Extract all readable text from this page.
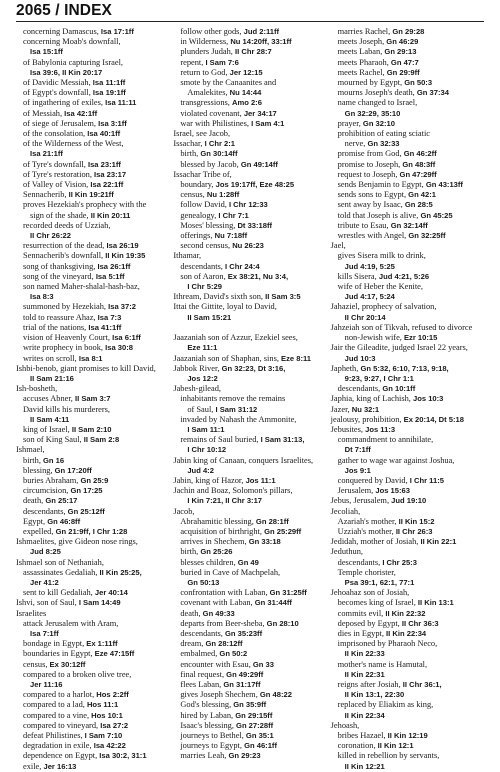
2065 / INDEX
concerning Damascus, Isa 17:1ff
concerning Moab's downfall,
Isa 15:1ff
of Babylonia capturing Israel,
Isa 39:6, II Kin 20:17
of Davidic Messiah, Isa 11:1ff
of Egypt's downfall, Isa 19:1ff
of ingathering of exiles, Isa 11:11
of Messiah, Isa 42:1ff
of siege of Jerusalem, Isa 3:1ff
of the consolation, Isa 40:1ff
of the Wilderness of the West,
Isa 21:1ff
of Tyre's downfall, Isa 23:1ff
of Tyre's restoration, Isa 23:17
of Valley of Vision, Isa 22:1ff
Sennacherib, II Kin 19:21ff
proves Hezekiah's prophecy with the
sign of the shade, II Kin 20:11
recorded deeds of Uzziah,
II Chr 26:22
resurrection of the dead, Isa 26:19
Sennacherib's downfall, II Kin 19:35
song of thanksgiving, Isa 26:1ff
song of the vineyard, Isa 5:1ff
son named Maher-shalal-hash-baz,
Isa 8:3
summoned by Hezekiah, Isa 37:2
told to reassure Ahaz, Isa 7:3
trial of the nations, Isa 41:1ff
vision of Heavenly Court, Isa 6:1ff
write prophecy in book, Isa 30:8
writes on scroll, Isa 8:1
Ishbi-benob, giant promises to kill David,
II Sam 21:16
Ish-bosheth,
accuses Abner, II Sam 3:7
David kills his murderers,
II Sam 4:11
king of Israel, II Sam 2:10
son of King Saul, II Sam 2:8
Ishmael,
birth, Gn 16
blessing, Gn 17:20ff
buries Abraham, Gn 25:9
circumcision, Gn 17:25
death, Gn 25:17
descendants, Gn 25:12ff
Egypt, Gn 46:8ff
expelled, Gn 21:9ff, I Chr 1:28
Ishmaelites, give Gideon nose rings,
Jud 8:25
Ishmael son of Nethaniah,
assassinates Gedaliah, II Kin 25:25,
Jer 41:2
sent to kill Gedaliah, Jer 40:14
Ishvi, son of Saul, I Sam 14:49
Israelites
attack Jerusalem with Aram,
Isa 7:1ff
bondage in Egypt, Ex 1:11ff
boundaries in Egypt, Eze 47:15ff
census, Ex 30:12ff
compared to a broken olive tree,
Jer 11:16
compared to a harlot, Hos 2:2ff
compared to a lad, Hos 11:1
compared to a vine, Hos 10:1
compared to vineyard, Isa 27:2
defeat Philistines, I Sam 7:10
degradation in exile, Isa 42:22
dependence on Egypt, Isa 30:2, 31:1
exile, Jer 16:13
follow other gods, Jud 2:11ff
in Wilderness, Nu 14:20ff, 33:1ff
plunders Judah, II Chr 28:7
repent, I Sam 7:6
return to God, Jer 12:15
smote by the Canaanites and
Amalekites, Nu 14:44
transgressions, Amo 2:6
violated covenant, Jer 34:17
war with Philistines, I Sam 4:1
Israel, see Jacob,
Issachar, I Chr 2:1
birth, Gn 30:14ff
blessed by Jacob, Gn 49:14ff
Issachar Tribe of,
boundary, Jos 19:17ff, Eze 48:25
census, Nu 1:28ff
follow David, I Chr 12:33
genealogy, I Chr 7:1
Moses' blessing, Dt 33:18ff
offerings, Nu 7:18ff
second census, Nu 26:23
Ithamar,
descendants, I Chr 24:4
son of Aaron, Ex 38:21, Nu 3:4,
I Chr 5:29
Ithream, David's sixth son, II Sam 3:5
Ittai the Gittite, loyal to David,
II Sam 15:21

Jaazaniah son of Azzur, Ezekiel sees,
Eze 11:1
Jaazaniah son of Shaphan, sins, Eze 8:11
Jabbok River, Gn 32:23, Dt 3:16,
Jos 12:2
Jabesh-gilead,
inhabitants remove the remains
of Saul, I Sam 31:12
invaded by Nahash the Ammonite,
I Sam 11:1
remains of Saul buried, I Sam 31:13,
I Chr 10:12
Jabin king of Canaan, conquers Israelites,
Jud 4:2
Jabin, king of Hazor, Jos 11:1
Jachin and Boaz, Solomon's pillars,
I Kin 7:21, II Chr 3:17
Jacob,
Abrahamitic blessing, Gn 28:1ff
acquisition of birthright, Gn 25:29ff
arrives in Shechem, Gn 33:18
birth, Gn 25:26
blesses children, Gn 49
buried in Cave of Machpelah,
Gn 50:13
confrontation with Laban, Gn 31:25ff
covenant with Laban, Gn 31:44ff
death, Gn 49:33
departs from Beer-sheba, Gn 28:10
descendants, Gn 35:23ff
dream, Gn 28:12ff
embalmed, Gn 50:2
encounter with Esau, Gn 33
final request, Gn 49:29ff
flees Laban, Gn 31:17ff
gives Joseph Shechem, Gn 48:22
God's blessing, Gn 35:9ff
hired by Laban, Gn 29:15ff
Isaac's blessing, Gn 27:28ff
journeys to Bethel, Gn 35:1
journeys to Egypt, Gn 46:1ff
marries Leah, Gn 29:23
marries Rachel, Gn 29:28
meets Joseph, Gn 46:29
meets Laban, Gn 29:13
meets Pharaoh, Gn 47:7
meets Rachel, Gn 29:9ff
mourned by Egypt, Gn 50:3
mourns Joseph's death, Gn 37:34
name changed to Israel,
Gn 32:29, 35:10
prayer, Gn 32:10
prohibition of eating sciatic
nerve, Gn 32:33
promise from God, Gn 46:2ff
promise to Joseph, Gn 48:3ff
request to Joseph, Gn 47:29ff
sends Benjamin to Egypt, Gn 43:13ff
sends sons to Egypt, Gn 42:1
sent away by Isaac, Gn 28:5
told that Joseph is alive, Gn 45:25
tribute to Esau, Gn 32:14ff
wrestles with Angel, Gn 32:25ff
Jael,
gives Sisera milk to drink,
Jud 4:19, 5:25
kills Sisera, Jud 4:21, 5:26
wife of Heber the Kenite,
Jud 4:17, 5:24
Jahaziel, prophecy of salvation,
II Chr 20:14
Jahzeiah son of Tikvah, refused to divorce
non-Jewish wife, Ezr 10:15
Jair the Gileadite, judged Israel 22 years,
Jud 10:3
Japheth, Gn 5:32, 6:10, 7:13, 9:18,
9:23, 9:27, I Chr 1:1
descendants, Gn 10:1ff
Japhia, king of Lachish, Jos 10:3
Jazer, Nu 32:1
jealousy, prohibition, Ex 20:14, Dt 5:18
Jebusites, Jos 11:3
commandment to annihilate,
Dt 7:1ff
gather to wage war against Joshua,
Jos 9:1
conquered by David, I Chr 11:5
Jerusalem, Jos 15:63
Jebus, Jerusalem, Jud 19:10
Jecoliah,
Azariah's mother, II Kin 15:2
Uzziah's mother, II Chr 26:3
Jedidah, mother of Josiah, II Kin 22:1
Jeduthun,
descendants, I Chr 25:3
Temple chorister,
Psa 39:1, 62:1, 77:1
Jehoahaz son of Josiah,
becomes king of Israel, II Kin 13:1
commits evil, II Kin 22:32
deposed by Egypt, II Chr 36:3
dies in Egypt, II Kin 22:34
imprisoned by Pharaoh Neco,
II Kin 22:33
mother's name is Hamutal,
II Kin 22:31
reigns after Josiah, II Chr 36:1,
II Kin 13:1, 22:30
replaced by Eliakim as king,
II Kin 22:34
Jehoash,
bribes Hazael, II Kin 12:19
coronation, II Kin 12:1
killed in rebellion by servants,
II Kin 12:21
